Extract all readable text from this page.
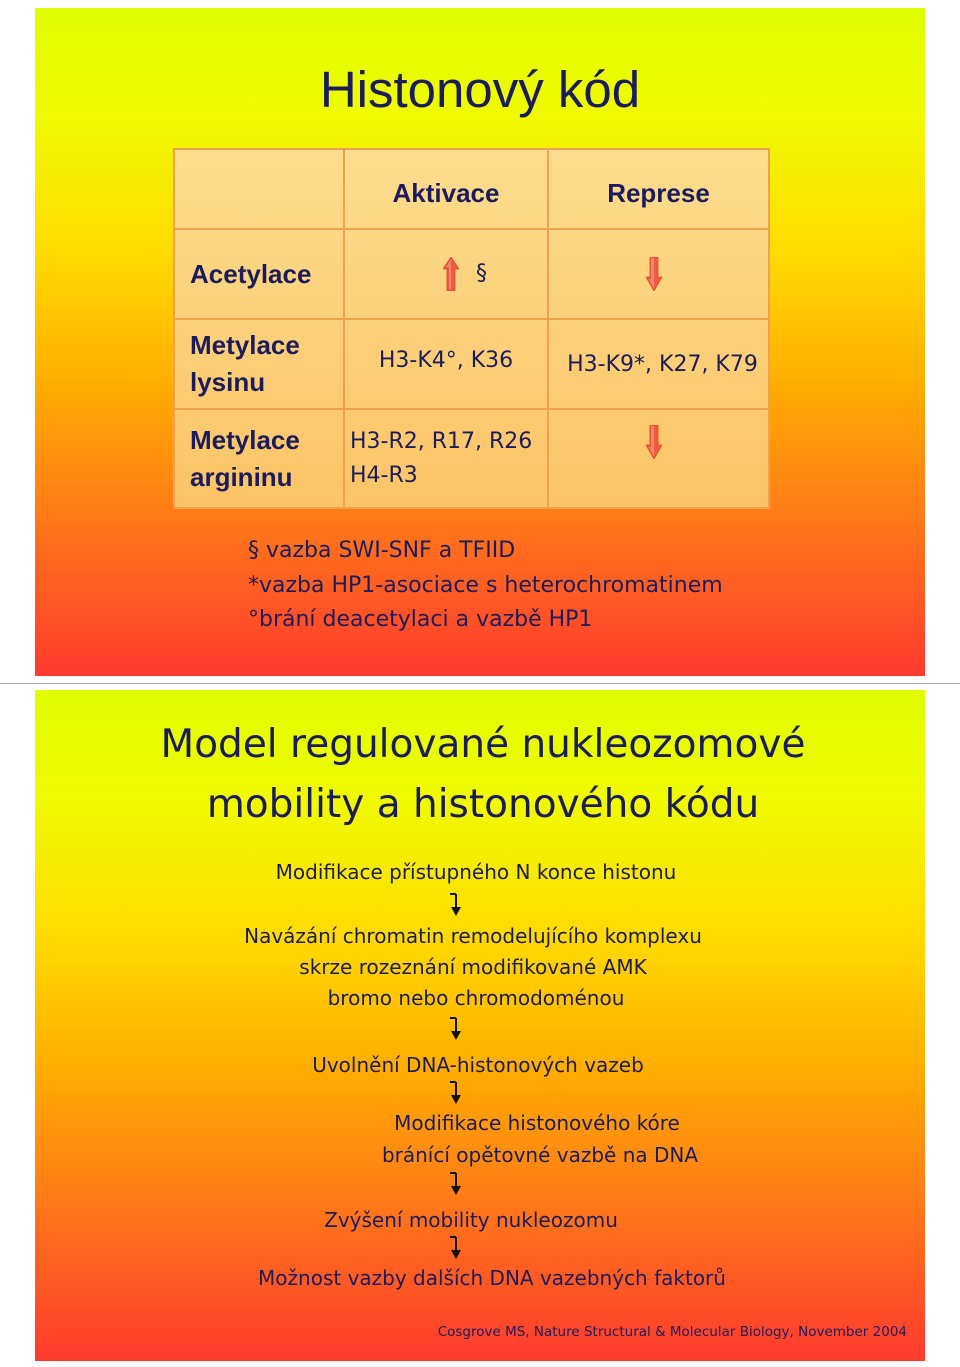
Histonový kód
Aktivace	Represe
Acetylace	§
Metylace
lysinu
H3-K4°, K36 H3-K9*, K27, K79
Metylace
argininu
H3-R2, R17, R26
H4-R3
§ vazba SWI-SNF a TFIID
*vazba HP1-asociace s heterochromatinem
°brání deacetylaci a vazbě HP1
Model regulované nukleozomové
mobility a histonového kódu
Modifikace přístupného N konce histonu
Navázání chromatin remodelujícího komplexu
skrze rozeznání modifikované AMK
bromo nebo chromodoménou
Uvolnění DNA-histonových vazeb
Modifikace histonového kóre
bránící opětovné vazbě na DNA
Zvýšení mobility nukleozomu
Možnost vazby dalších DNA vazebných faktorů
Cosgrove MS, Nature Structural & Molecular Biology, November 2004
